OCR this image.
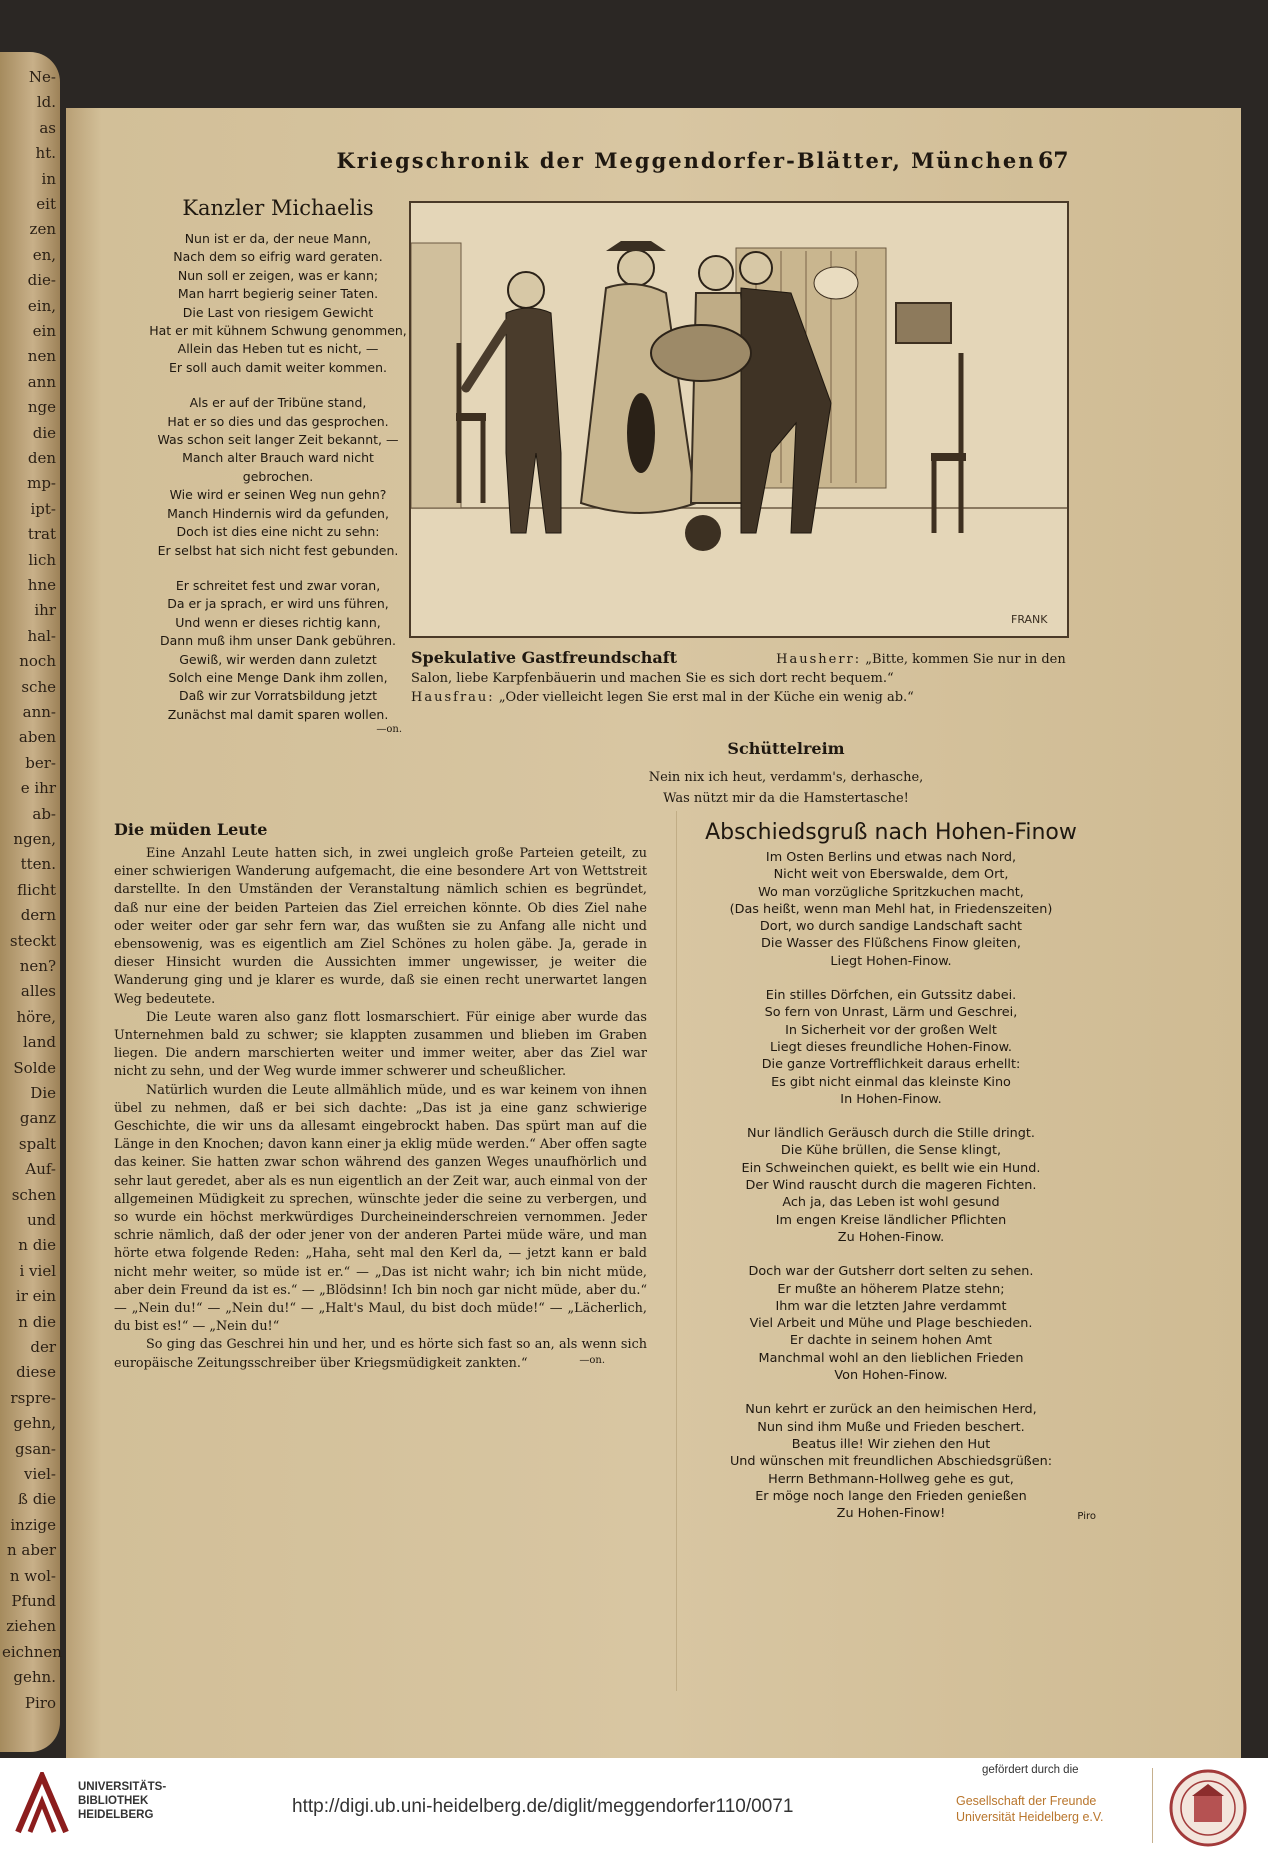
Ne-
ld.
as
ht.
in
eit
zen
en,
die-
ein,
ein
nen
ann
nge
die
den
mp-
ipt-
trat
lich
hne
ihr
hal-
noch
sche
ann-
aben
ber-
e ihr
ab-
ngen,
tten.
flicht
dern
steckt
nen?
alles
höre,
land
Solde
Die
ganz
spalt
Auf-
schen
und
n die
i viel
ir ein
n die
der
diese
rspre-
gehn,
gsan-
viel-
ß die
inzige
n aber
n wol-
Pfund
ziehen
eichnen
gehn.
Piro
Kriegschronik der Meggendorfer-Blätter, München 67
Kanzler Michaelis
Nun ist er da, der neue Mann,
Nach dem so eifrig ward geraten.
Nun soll er zeigen, was er kann;
Man harrt begierig seiner Taten.
Die Last von riesigem Gewicht
Hat er mit kühnem Schwung genommen,
Allein das Heben tut es nicht, —
Er soll auch damit weiter kommen.
Als er auf der Tribüne stand,
Hat er so dies und das gesprochen.
Was schon seit langer Zeit bekannt, —
Manch alter Brauch ward nicht
gebrochen.
Wie wird er seinen Weg nun gehn?
Manch Hindernis wird da gefunden,
Doch ist dies eine nicht zu sehn:
Er selbst hat sich nicht fest gebunden.
Er schreitet fest und zwar voran,
Da er ja sprach, er wird uns führen,
Und wenn er dieses richtig kann,
Dann muß ihm unser Dank gebühren.
Gewiß, wir werden dann zuletzt
Solch eine Menge Dank ihm zollen,
Daß wir zur Vorratsbildung jetzt
Zunächst mal damit sparen wollen.
—on.
FRANK
Spekulative Gastfreundschaft	Hausherr: „Bitte, kommen Sie nur in den Salon, liebe Karpfenbäuerin und machen Sie es sich dort recht bequem.“
Hausfrau: „Oder vielleicht legen Sie erst mal in der Küche ein wenig ab.“
Schüttelreim
Nein nix ich heut, verdamm's, derhasche,
Was nützt mir da die Hamstertasche!
Die müden Leute

Eine Anzahl Leute hatten sich, in zwei ungleich große Parteien geteilt, zu einer schwierigen Wanderung aufgemacht, die eine besondere Art von Wettstreit darstellte. In den Umständen der Veranstaltung nämlich schien es begründet, daß nur eine der beiden Parteien das Ziel erreichen könnte. Ob dies Ziel nahe oder weiter oder gar sehr fern war, das wußten sie zu Anfang alle nicht und ebensowenig, was es eigentlich am Ziel Schönes zu holen gäbe. Ja, gerade in dieser Hinsicht wurden die Aussichten immer ungewisser, je weiter die Wanderung ging und je klarer es wurde, daß sie einen recht unerwartet langen Weg bedeutete.

Die Leute waren also ganz flott losmarschiert. Für einige aber wurde das Unternehmen bald zu schwer; sie klappten zusammen und blieben im Graben liegen. Die andern marschierten weiter und immer weiter, aber das Ziel war nicht zu sehn, und der Weg wurde immer schwerer und scheußlicher.

Natürlich wurden die Leute allmählich müde, und es war keinem von ihnen übel zu nehmen, daß er bei sich dachte: „Das ist ja eine ganz schwierige Geschichte, die wir uns da allesamt eingebrockt haben. Das spürt man auf die Länge in den Knochen; davon kann einer ja eklig müde werden.“ Aber offen sagte das keiner. Sie hatten zwar schon während des ganzen Weges unaufhörlich und sehr laut geredet, aber als es nun eigentlich an der Zeit war, auch einmal von der allgemeinen Müdigkeit zu sprechen, wünschte jeder die seine zu verbergen, und so wurde ein höchst merkwürdiges Durcheineinderschreien vernommen. Jeder schrie nämlich, daß der oder jener von der anderen Partei müde wäre, und man hörte etwa folgende Reden: „Haha, seht mal den Kerl da, — jetzt kann er bald nicht mehr weiter, so müde ist er.“ — „Das ist nicht wahr; ich bin nicht müde, aber dein Freund da ist es.“ — „Blödsinn! Ich bin noch gar nicht müde, aber du.“ — „Nein du!“ — „Nein du!“ — „Halt's Maul, du bist doch müde!“ — „Lächerlich, du bist es!“ — „Nein du!“

So ging das Geschrei hin und her, und es hörte sich fast so an, als wenn sich europäische Zeitungsschreiber über Kriegsmüdigkeit zankten.“	—on.
Abschiedsgruß nach Hohen-Finow
Im Osten Berlins und etwas nach Nord,
Nicht weit von Eberswalde, dem Ort,
Wo man vorzügliche Spritzkuchen macht,
(Das heißt, wenn man Mehl hat, in Friedenszeiten)
Dort, wo durch sandige Landschaft sacht
Die Wasser des Flüßchens Finow gleiten,
Liegt Hohen-Finow.
Ein stilles Dörfchen, ein Gutssitz dabei.
So fern von Unrast, Lärm und Geschrei,
In Sicherheit vor der großen Welt
Liegt dieses freundliche Hohen-Finow.
Die ganze Vortrefflichkeit daraus erhellt:
Es gibt nicht einmal das kleinste Kino
In Hohen-Finow.
Nur ländlich Geräusch durch die Stille dringt.
Die Kühe brüllen, die Sense klingt,
Ein Schweinchen quiekt, es bellt wie ein Hund.
Der Wind rauscht durch die mageren Fichten.
Ach ja, das Leben ist wohl gesund
Im engen Kreise ländlicher Pflichten
Zu Hohen-Finow.
Doch war der Gutsherr dort selten zu sehen.
Er mußte an höherem Platze stehn;
Ihm war die letzten Jahre verdammt
Viel Arbeit und Mühe und Plage beschieden.
Er dachte in seinem hohen Amt
Manchmal wohl an den lieblichen Frieden
Von Hohen-Finow.
Nun kehrt er zurück an den heimischen Herd,
Nun sind ihm Muße und Frieden beschert.
Beatus ille! Wir ziehen den Hut
Und wünschen mit freundlichen Abschiedsgrüßen:
Herrn Bethmann-Hollweg gehe es gut,
Er möge noch lange den Frieden genießen
Zu Hohen-Finow!	Piro
UNIVERSITÄTS-
BIBLIOTHEK
HEIDELBERG	http://digi.ub.uni-heidelberg.de/diglit/meggendorfer110/0071
gefördert durch die
Gesellschaft der Freunde
Universität Heidelberg e.V.
